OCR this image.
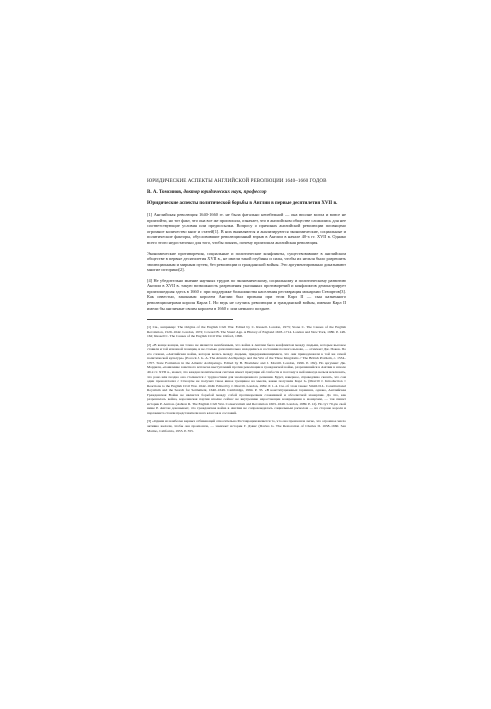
ЮРИДИЧЕСКИЕ АСПЕКТЫ АНГЛИЙСКОЙ РЕВОЛЮЦИИ 1640–1660 ГОДОВ
В. А. Томсинов, доктор юридических наук, профессор
Юридические аспекты политической борьбы в Англии в первые десятилетия XVII в.

[1] Английская революция 1640-1660 гг. не была фатально неизбежной — она вполне могла и вовсе не произойти, но тот факт, что она все же произошла, означает, что в английском обществе сложились для нее соответствующие условия или предпосылки. Вопросу о причинах английской революции посвящено огромное количество книг и статей[1]. В них выявляются и анализируются экономические, социальные и политические факторы, обусловившие революционный взрыв в Англии в начале 40-х гг. XVII в. Однако всего этого недостаточно для того, чтобы понять, почему произошла английская революция.

Экономические противоречия, социальные и политические конфликты, существовавшие в английском обществе в первые десятилетия XVII в., не имели такой глубины и силы, чтобы их нельзя было разрешить эволюционным и мирным путем, без революции и гражданской войны. Это аргументированно доказывают многие историки[2].

[4] Не убедительно мнение научных трудов по экономическому, социальному и политическому развитию Англии в XVII в. такую возможность разрешения указанных противоречий и конфликтов демонстрирует произошедшая здесь в 1660 г. при поддержке большинства населения реставрация монархии Стюартов[3]. Как известно, законным королем Англии был признан при этом Карл II — сын казненного революционерами короля Карла I. Но ведь не случись революции и гражданской войны, именно Карл II имели бы англичане своим королем в 1660 г. или немного позднее.

[1] См., например: The Origins of the English Civil War. Edited by C. Russell. London, 1973; Stone C. The Causes of the English Revolution, 1529–1642. London, 1972; Coward B. The Stuart Age. A History of England 1603–1714. London and New York, 1980. P. 148-162; Russell C. The Causes of the English Civil War. Oxford, 1990.

[2] «В конце концов, ни точно не является неизбежным, что война в Англии была конфликтом между людьми, которые высокое ставили и той или иной позиции, и не столько дополнительно находились в состоянии полного вызова, — отмечает Дж. Покок. По его словам, «Английская война, которая велась между людьми, придерживающимися, что они принадлежали к той же самой политической культуре» (Pocock J. G. A. The Atlantic Archipelago and the War of the Three Kingdoms // The British Problem, c. 1534–1707. State Formation in the Atlantic Archipelago. Edited by B. Bradshaw and J. Morrill. London, 1996. P. 182). Но аргумент Дж. Морриля, «появление заметного всплеска выступлений против революции в гражданской войне, разразившейся в Англии в начале 40-х гг. XVII в., может, что каждая политическая система имеет присущие ей слабости и поэтому в ней никогда нельзя исключать, что рано или поздно она столкнется с трудностями для эволюционного решения. Будет, наверное, справедливо сказать, что сам один провозгласил с Стюарты не получил такое явное трещиное на мысли, какие получили Карл I» (Morrill J. Introduction // Reactions to the English Civil War. 1642–1649. Edited by J. Morrill. London, 1982. P. 1–4. См. об этом также: Smith D.L. Constitutional Royalism and the Search for Settlement, 1640–1649. Cambridge, 1994. P. 35. «В конституционных терминах, однако, Английская Гражданская Война не является борьбой между собой противоречием сложившей и абсолютной монархии. Да что, как разрешалась война, королевская партия вполне сейчас не внутренние нарастающие возвращения к монархии, — так пишет историк Р. Аштон. (Ashton R. The English Civil War. Conservatism and Revolution 1603–1649. London, 1989. P. 12). Но тут 70-ую свой ниже Р. Аштон доказывает, что гражданская война в Англии не сопровождалась социальным расколом — на стороне короля и парламента стояли представители всех классов и сословий.

[3] «Одним из наиболее верных отбивающей относительно Реставрации является то, что она произошла легко, что огромное число активно желали, чтобы она произошла, — замечает историк Г. Дэвис (Davies G. The Restoration of Charles II. 1658–1660. San Marino, California, 1955. P. 355.
